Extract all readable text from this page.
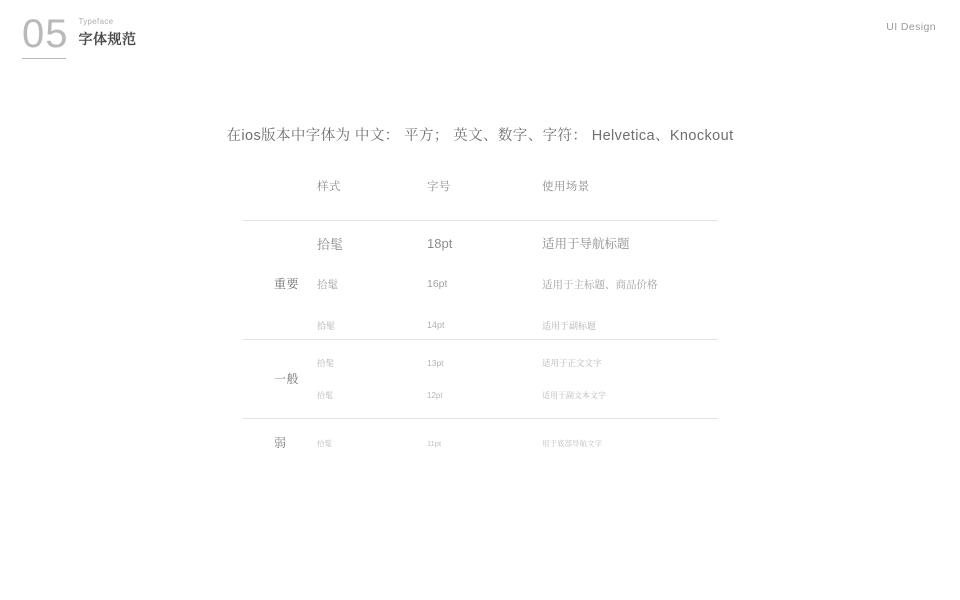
05 Typeface
字体规范
UI Design
在ios版本中字体为 中文： 平方； 英文、数字、字符： Helvetica、Knockout
样式	字号	使用场景
重要
拾髦	18pt	适用于导航标题
拾髦	16pt	适用于主标题、商品价格
拾髦	14pt	适用于副标题
一般
拾髦	13pt	适用于正文文字
拾髦	12pt	适用于副文本文字
弱	拾髦	11pt	用于底部导航文字
